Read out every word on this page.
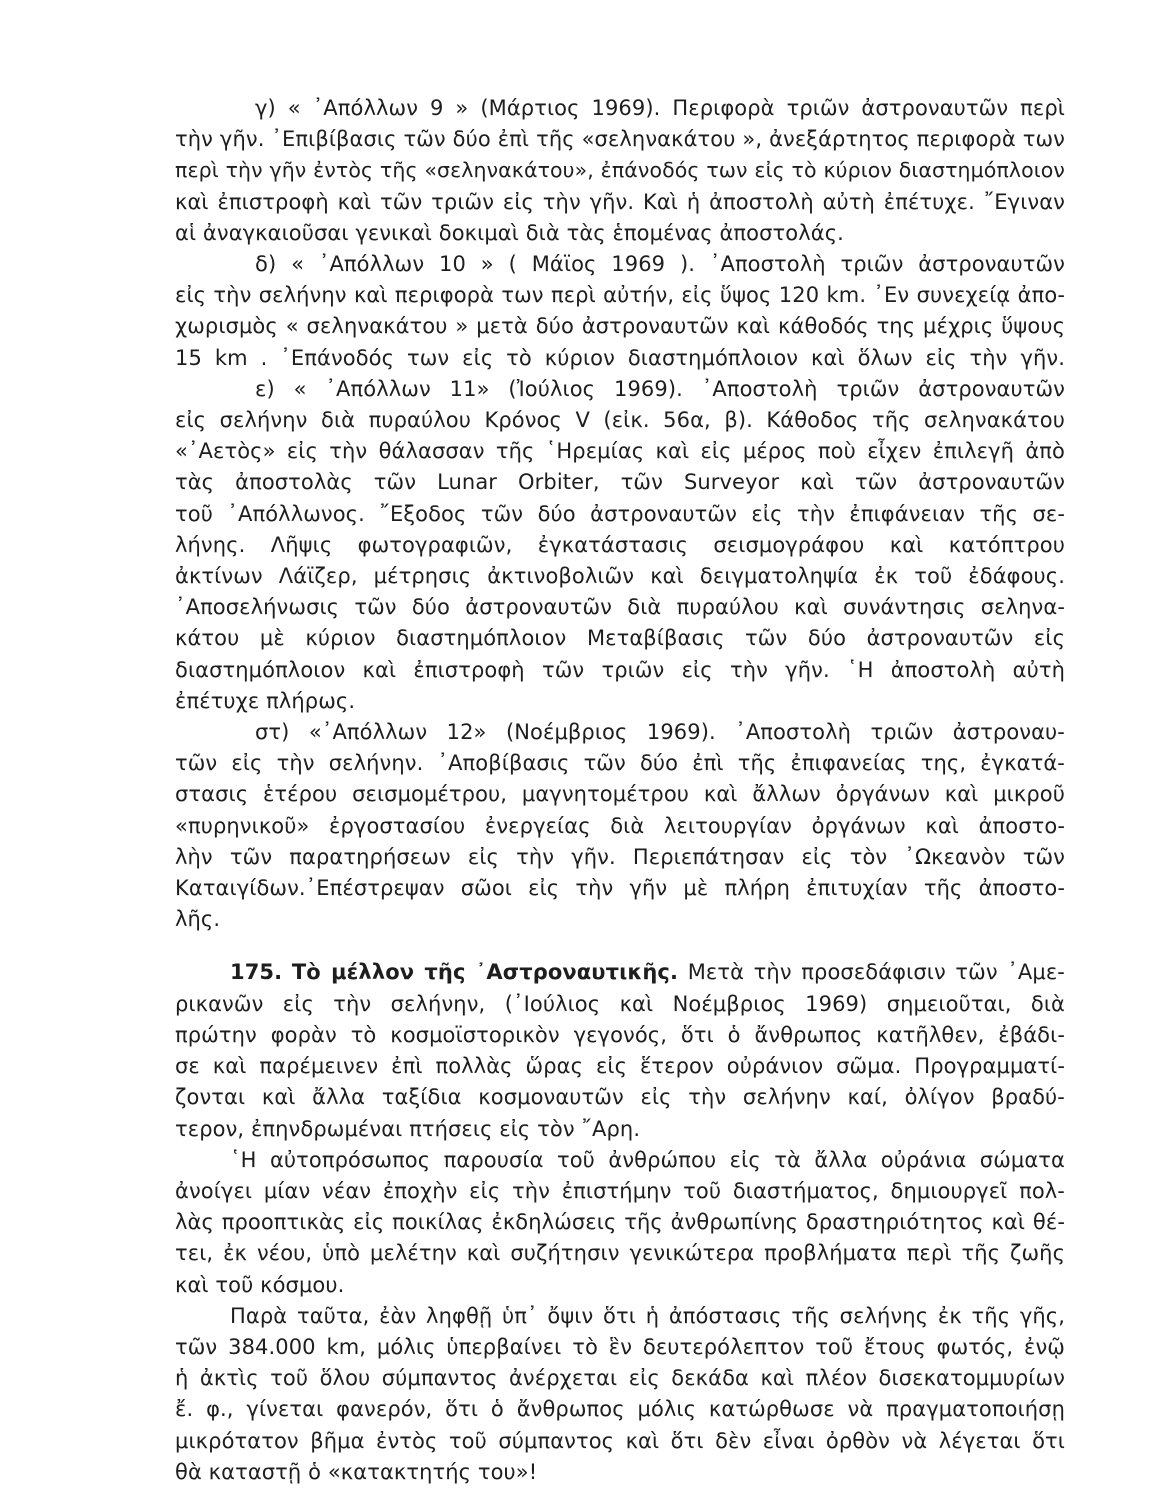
γ) « ᾿Απόλλων 9 » (Μάρτιος 1969). Περιφορὰ τριῶν ἀστροναυτῶν περὶ
τὴν γῆν. ᾿Επιβίβασις τῶν δύο ἐπὶ τῆς «σεληνακάτου », ἀνεξάρτητος περιφορὰ των
περὶ τὴν γῆν ἐντὸς τῆς «σεληνακάτου», ἐπάνοδός των εἰς τὸ κύριον διαστημόπλοιον
καὶ ἐπιστροφὴ καὶ τῶν τριῶν εἰς τὴν γῆν. Καὶ ἡ ἀποστολὴ αὐτὴ ἐπέτυχε. ῎Εγιναν
αἱ ἀναγκαιοῦσαι γενικαὶ δοκιμαὶ διὰ τὰς ἑπομένας ἀποστολάς.
δ) « ᾿Απόλλων 10 » ( Μάϊος 1969 ). ᾿Αποστολὴ τριῶν ἀστροναυτῶν
εἰς τὴν σελήνην καὶ περιφορὰ των περὶ αὐτήν, εἰς ὕψος 120 km. ᾿Εν συνεχείᾳ ἀπο-
χωρισμὸς « σεληνακάτου » μετὰ δύο ἀστροναυτῶν καὶ κάθοδός της μέχρις ὕψους
15 km . ᾿Επάνοδός των εἰς τὸ κύριον διαστημόπλοιον καὶ ὅλων εἰς τὴν γῆν.
ε) « ᾿Απόλλων 11» (Ἰούλιος 1969). ᾿Αποστολὴ τριῶν ἀστροναυτῶν
εἰς σελήνην διὰ πυραύλου Κρόνος V (εἰκ. 56α, β). Κάθοδος τῆς σεληνακάτου
«᾿Αετὸς» εἰς τὴν θάλασσαν τῆς ῾Ηρεμίας καὶ εἰς μέρος ποὺ εἶχεν ἐπιλεγῆ ἀπὸ
τὰς ἀποστολὰς τῶν Lunar Orbiter, τῶν Surveyor καὶ τῶν ἀστροναυτῶν
τοῦ ᾿Απόλλωνος. ῎Εξοδος τῶν δύο ἀστροναυτῶν εἰς τὴν ἐπιφάνειαν τῆς σε-
λήνης. Λῆψις φωτογραφιῶν, ἐγκατάστασις σεισμογράφου καὶ κατόπτρου
ἀκτίνων Λάϊζερ, μέτρησις ἀκτινοβολιῶν καὶ δειγματοληψία ἐκ τοῦ ἐδάφους.
᾿Αποσελήνωσις τῶν δύο ἀστροναυτῶν διὰ πυραύλου καὶ συνάντησις σεληνα-
κάτου μὲ κύριον διαστημόπλοιον Μεταβίβασις τῶν δύο ἀστροναυτῶν εἰς
διαστημόπλοιον καὶ ἐπιστροφὴ τῶν τριῶν εἰς τὴν γῆν. ῾Η ἀποστολὴ αὐτὴ
ἐπέτυχε πλήρως.
στ) «᾿Απόλλων 12» (Νοέμβριος 1969). ᾿Αποστολὴ τριῶν ἀστροναυ-
τῶν εἰς τὴν σελήνην. ᾿Αποβίβασις τῶν δύο ἐπὶ τῆς ἐπιφανείας της, ἐγκατά-
στασις ἑτέρου σεισμομέτρου, μαγνητομέτρου καὶ ἄλλων ὀργάνων καὶ μικροῦ
«πυρηνικοῦ» ἐργοστασίου ἐνεργείας διὰ λειτουργίαν ὀργάνων καὶ ἀποστο-
λὴν τῶν παρατηρήσεων εἰς τὴν γῆν. Περιεπάτησαν εἰς τὸν ᾿Ωκεανὸν τῶν
Καταιγίδων.᾿Επέστρεψαν σῶοι εἰς τὴν γῆν μὲ πλήρη ἐπιτυχίαν τῆς ἀποστο-
λῆς.
175. Τὸ μέλλον τῆς ᾿Αστροναυτικῆς. Μετὰ τὴν προσεδάφισιν τῶν ᾿Αμε-
ρικανῶν εἰς τὴν σελήνην, (᾿Ιούλιος καὶ Νοέμβριος 1969) σημειοῦται, διὰ
πρώτην φορὰν τὸ κοσμοϊστορικὸν γεγονός, ὅτι ὁ ἄνθρωπος κατῆλθεν, ἐβάδι-
σε καὶ παρέμεινεν ἐπὶ πολλὰς ὥρας εἰς ἕτερον οὐράνιον σῶμα. Προγραμματί-
ζονται καὶ ἄλλα ταξίδια κοσμοναυτῶν εἰς τὴν σελήνην καί, ὀλίγον βραδύ-
τερον, ἐπηνδρωμέναι πτήσεις εἰς τὸν ῎Αρη.
῾Η αὐτοπρόσωπος παρουσία τοῦ ἀνθρώπου εἰς τὰ ἄλλα οὐράνια σώματα
ἀνοίγει μίαν νέαν ἐποχὴν εἰς τὴν ἐπιστήμην τοῦ διαστήματος, δημιουργεῖ πολ-
λὰς προοπτικὰς εἰς ποικίλας ἐκδηλώσεις τῆς ἀνθρωπίνης δραστηριότητος καὶ θέ-
τει, ἐκ νέου, ὑπὸ μελέτην καὶ συζήτησιν γενικώτερα προβλήματα περὶ τῆς ζωῆς
καὶ τοῦ κόσμου.
Παρὰ ταῦτα, ἐὰν ληφθῇ ὑπ᾿ ὄψιν ὅτι ἡ ἀπόστασις τῆς σελήνης ἐκ τῆς γῆς,
τῶν 384.000 km, μόλις ὑπερβαίνει τὸ ἓν δευτερόλεπτον τοῦ ἔτους φωτός, ἐνῷ
ἡ ἀκτὶς τοῦ ὅλου σύμπαντος ἀνέρχεται εἰς δεκάδα καὶ πλέον δισεκατομμυρίων
ἔ. φ., γίνεται φανερόν, ὅτι ὁ ἄνθρωπος μόλις κατώρθωσε νὰ πραγματοποιήσῃ
μικρότατον βῆμα ἐντὸς τοῦ σύμπαντος καὶ ὅτι δὲν εἶναι ὀρθὸν νὰ λέγεται ὅτι
θὰ καταστῇ ὁ «κατακτητής του»!
